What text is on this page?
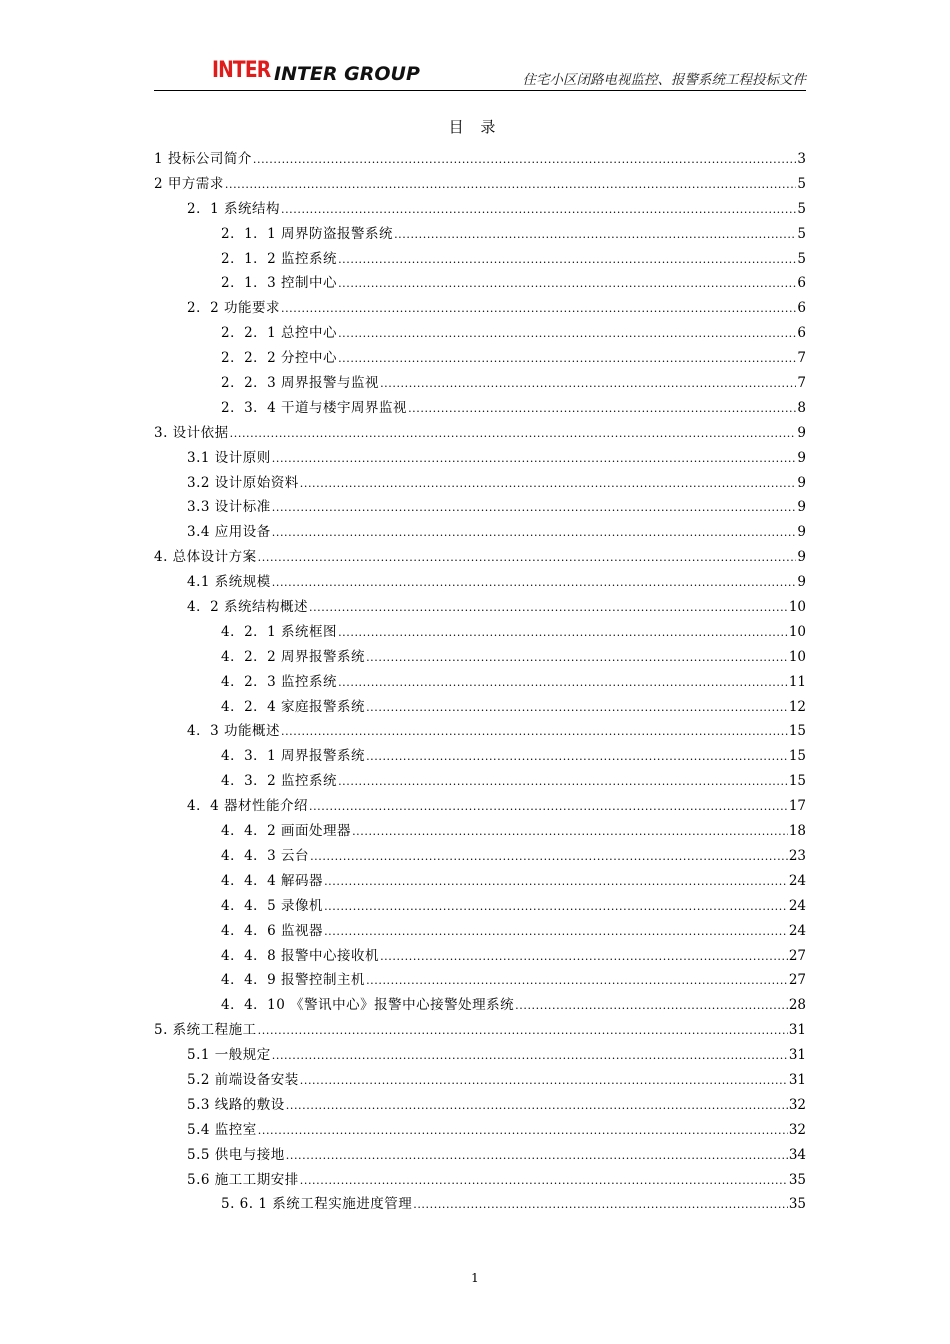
INTER INTER GROUP	住宅小区闭路电视监控、报警系统工程投标文件
目 录
1 投标公司简介 .....	3
2 甲方需求 .....	5
2．1 系统结构 .....	5
2．1．1 周界防盗报警系统 .....	5
2．1．2 监控系统 .....	5
2．1．3 控制中心 .....	6
2．2 功能要求 .....	6
2．2．1 总控中心 .....	6
2．2．2 分控中心 .....	7
2．2．3 周界报警与监视 .....	7
2．3．4 干道与楼宇周界监视 .....	8
3. 设计依据 .....	9
3.1 设计原则 .....	9
3.2 设计原始资料 .....	9
3.3 设计标准 .....	9
3.4 应用设备 .....	9
4. 总体设计方案 .....	9
4.1 系统规模 .....	9
4．2 系统结构概述 .....	10
4．2．1 系统框图 .....	10
4．2．2 周界报警系统 .....	10
4．2．3 监控系统 .....	11
4．2．4 家庭报警系统 .....	12
4．3 功能概述 .....	15
4．3．1 周界报警系统 .....	15
4．3．2 监控系统 .....	15
4．4 器材性能介绍 .....	17
4．4．2 画面处理器 .....	18
4．4．3 云台 .....	23
4．4．4 解码器 .....	24
4．4．5 录像机 .....	24
4．4．6 监视器 .....	24
4．4．8 报警中心接收机 .....	27
4．4．9 报警控制主机 .....	27
4．4．10 《警讯中心》报警中心接警处理系统 .....	28
5. 系统工程施工 .....	31
5.1 一般规定 .....	31
5.2 前端设备安装 .....	31
5.3 线路的敷设 .....	32
5.4 监控室 .....	32
5.5 供电与接地 .....	34
5.6 施工工期安排 .....	35
5. 6. 1 系统工程实施进度管理 .....	35
1
